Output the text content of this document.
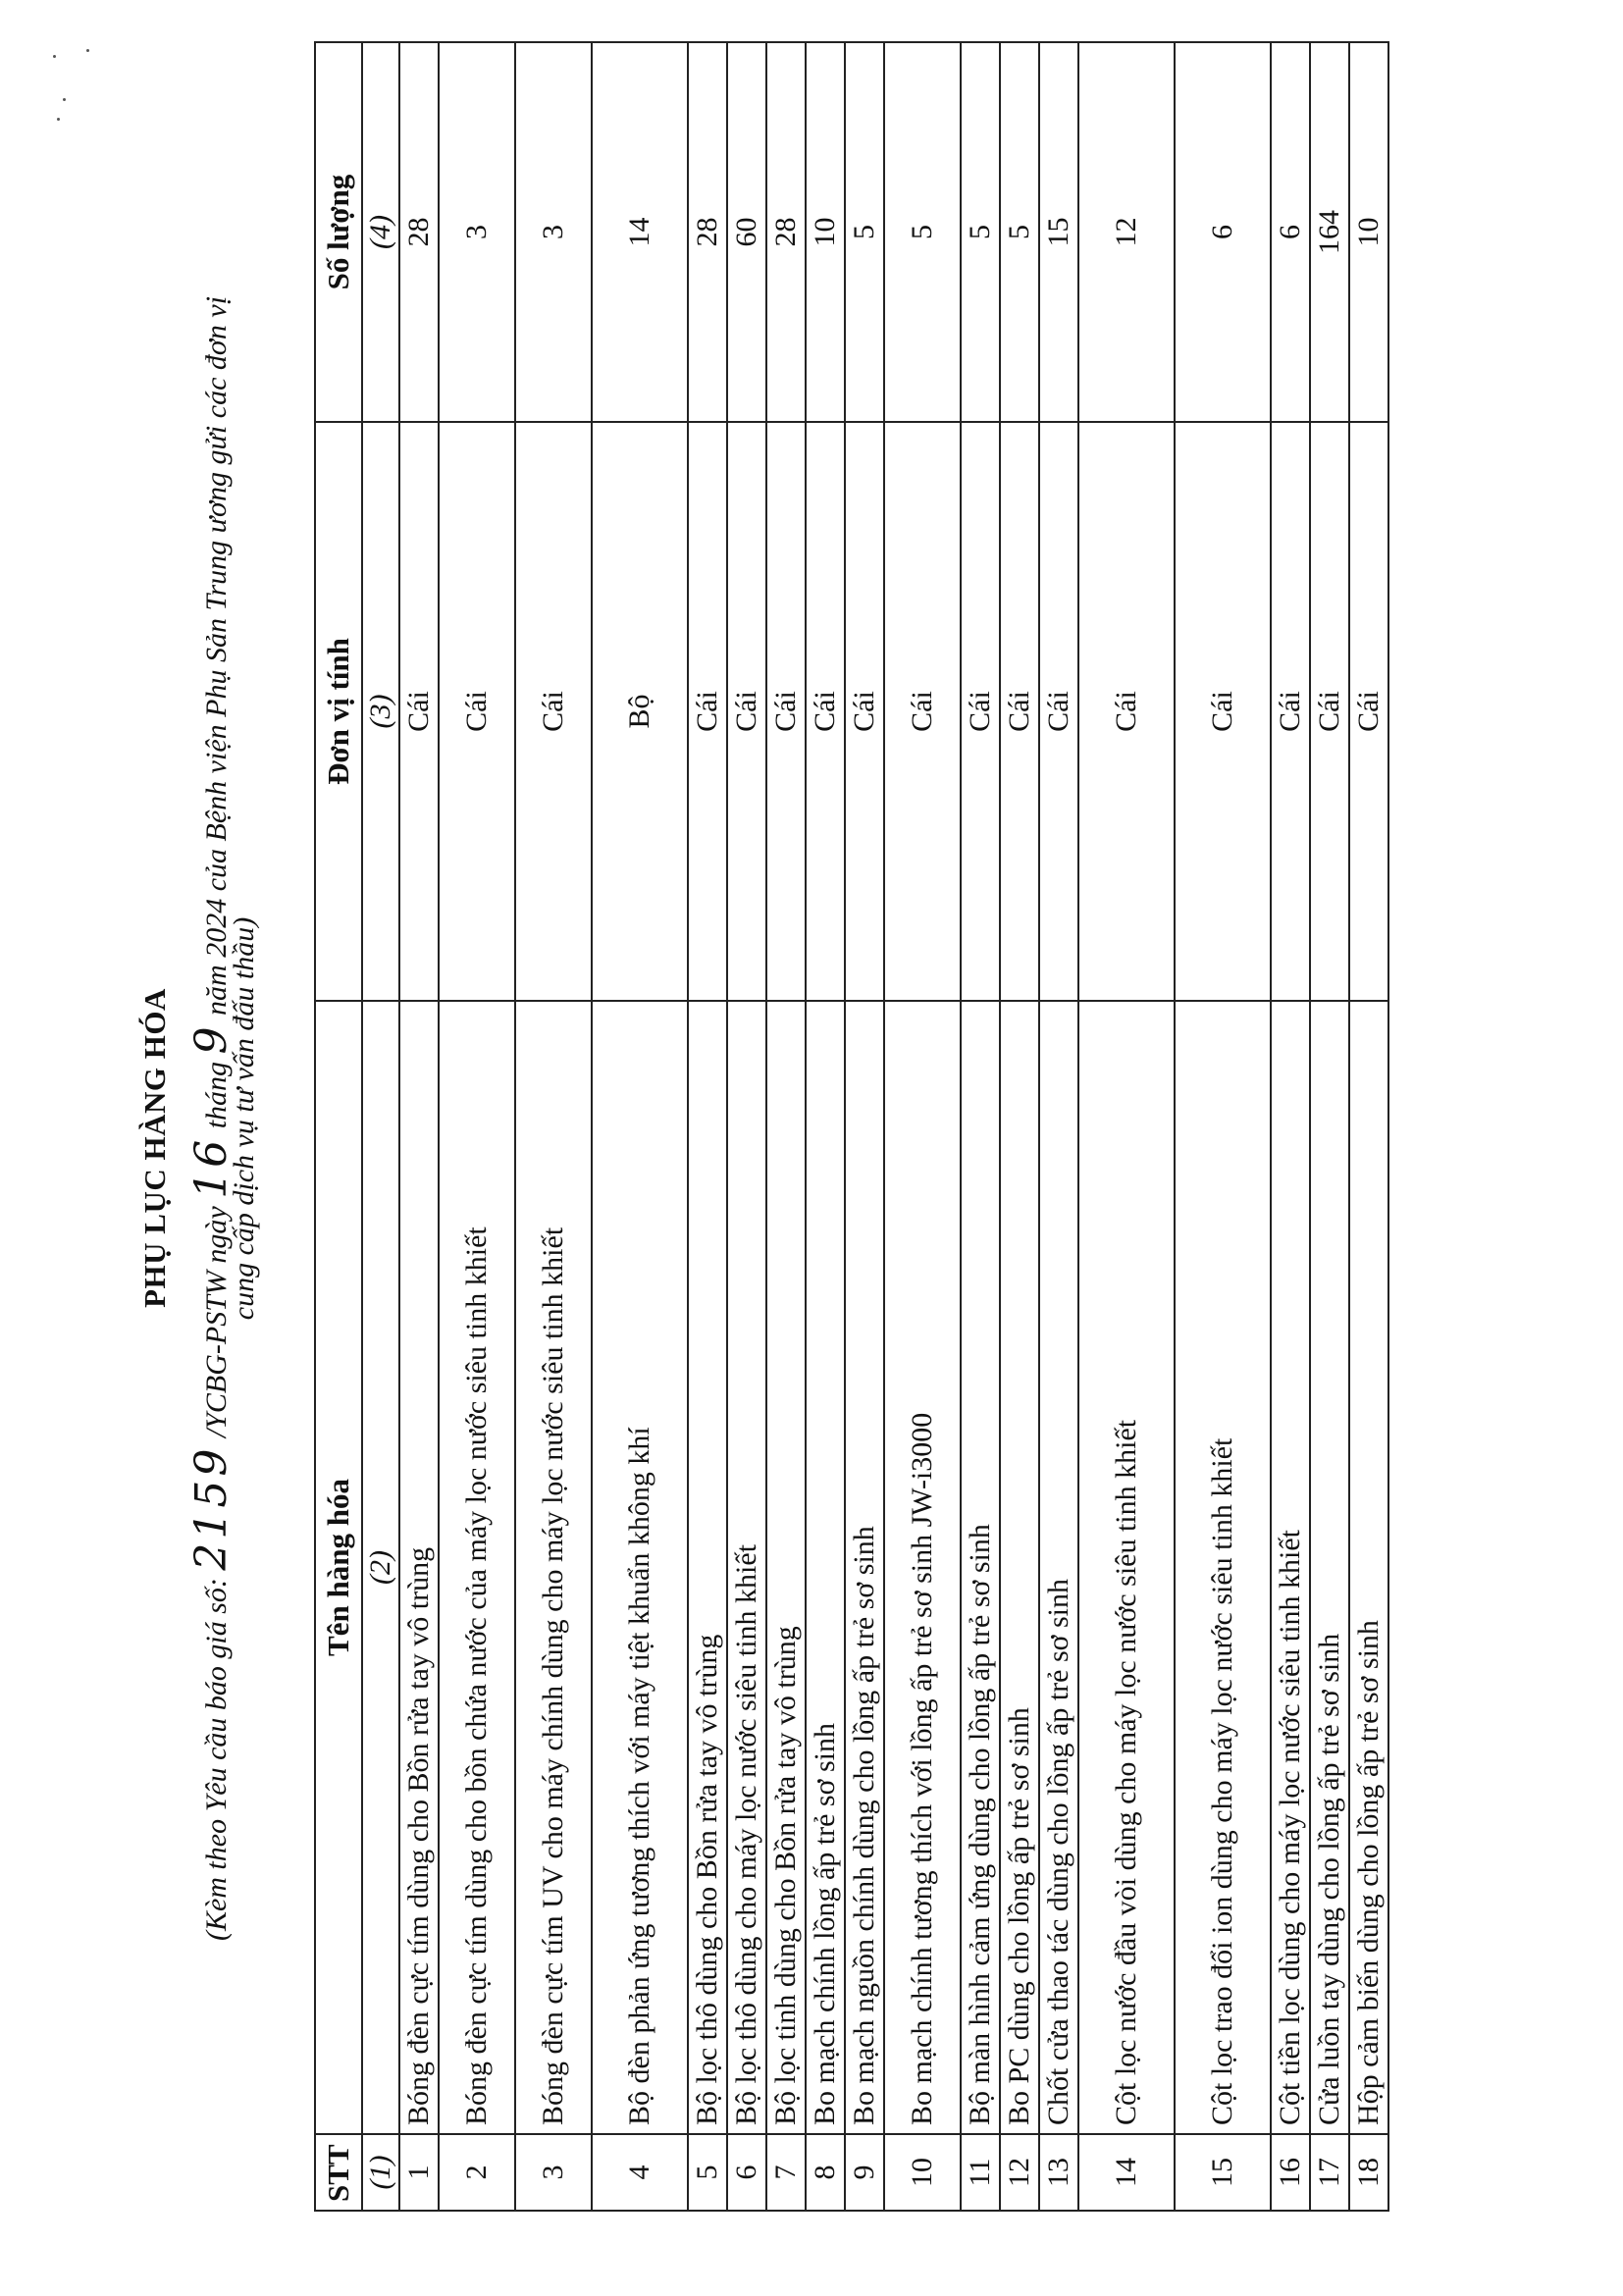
PHỤ LỤC HÀNG HÓA
(Kèm theo Yêu cầu báo giá số: 2159 /YCBG-PSTW ngày 16 tháng 9 năm 2024 của Bệnh viện Phụ Sản Trung ương gửi các đơn vị
cung cấp dịch vụ tư vấn đấu thầu)
STT	Tên hàng hóa	Đơn vị tính	Số lượng
(1)	(2)	(3)	(4)
1	Bóng đèn cực tím dùng cho Bồn rửa tay vô trùng	Cái	28
2	Bóng đèn cực tím dùng cho bồn chứa nước của máy lọc nước siêu tinh khiết	Cái	3
3	Bóng đèn cực tím UV cho máy chính dùng cho máy lọc nước siêu tinh khiết	Cái	3
4	Bộ đèn phản ứng tương thích với máy tiệt khuẩn không khí	Bộ	14
5	Bộ lọc thô dùng cho Bồn rửa tay vô trùng	Cái	28
6	Bộ lọc thô dùng cho máy lọc nước siêu tinh khiết	Cái	60
7	Bộ lọc tinh dùng cho Bồn rửa tay vô trùng	Cái	28
8	Bo mạch chính lồng ấp trẻ sơ sinh	Cái	10
9	Bo mạch nguồn chính dùng cho lồng ấp trẻ sơ sinh	Cái	5
10	Bo mạch chính tương thích với lồng ấp trẻ sơ sinh JW-i3000	Cái	5
11	Bộ màn hình cảm ứng dùng cho lồng ấp trẻ sơ sinh	Cái	5
12	Bo PC dùng cho lồng ấp trẻ sơ sinh	Cái	5
13	Chốt cửa thao tác dùng cho lồng ấp trẻ sơ sinh	Cái	15
14	Cột lọc nước đầu vòi dùng cho máy lọc nước siêu tinh khiết	Cái	12
15	Cột lọc trao đổi ion dùng cho máy lọc nước siêu tinh khiết	Cái	6
16	Cột tiền lọc dùng cho máy lọc nước siêu tinh khiết	Cái	6
17	Cửa luồn tay dùng cho lồng ấp trẻ sơ sinh	Cái	164
18	Hộp cảm biến dùng cho lồng ấp trẻ sơ sinh	Cái	10
